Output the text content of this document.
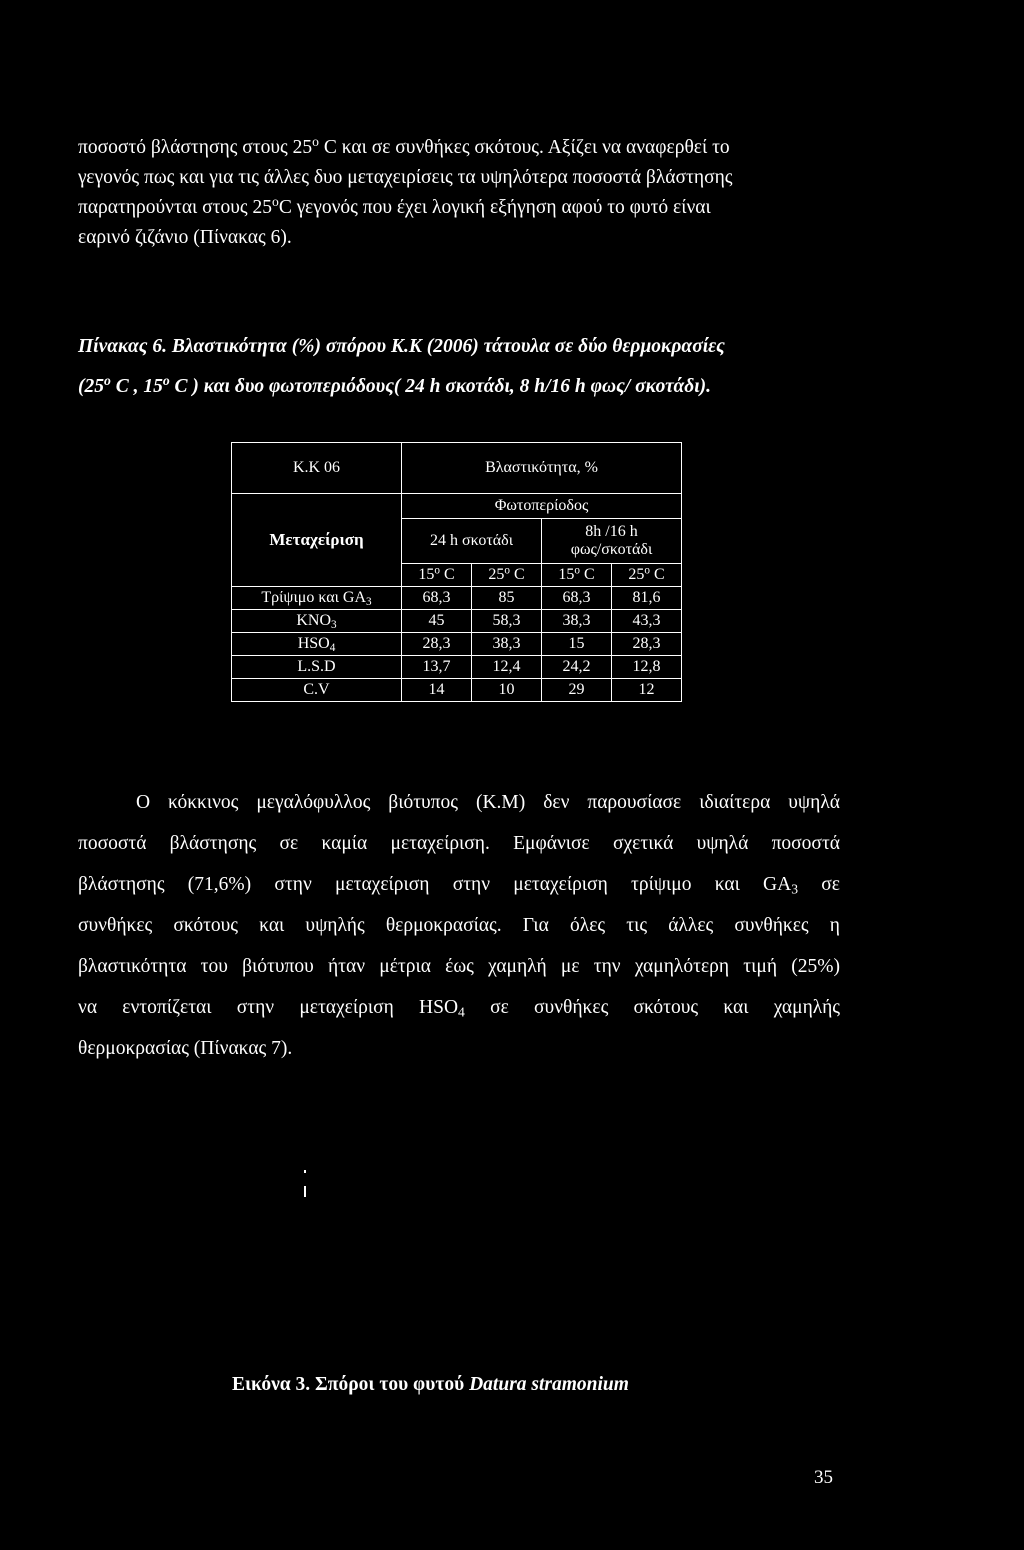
ποσοστό βλάστησης στους $25^o$ C και σε συνθήκες σκότους. Αξίζει να αναφερθεί το
γεγονός πως και για τις άλλες δυο μεταχειρίσεις τα υψηλότερα ποσοστά βλάστησης
παρατηρούνται στους $25^oC$ γεγονός που έχει λογική εξήγηση αφού το φυτό είναι
εαρινό ζιζάνιο (Πίνακας 6).
Πίνακας 6. Βλαστικότητα (%) σπόρου Κ.Κ (2006) τάτουλα σε δύο θερμοκρασίες
(25$^o$ C , 15$^o$ C ) και δυο φωτοπεριόδους( 24 h σκοτάδι, 8 h/16 h φως/ σκοτάδι).
Κ.Κ 06	Βλαστικότητα, %			
Μεταχείριση	Φωτοπερίοδος			
	24 h σκοτάδι		8h /16 h
φως/σκοτάδι	
	15$^o$ C	25$^o$ C	15$^o$ C	25$^o$ C
Τρίψιμο και $GA_3$	68,3	85	68,3	81,6
$KNO_3$	45	58,3	38,3	43,3
$HSO_4$	28,3	38,3	15	28,3
L.S.D	13,7	12,4	24,2	12,8
C.V	14	10	29	12
Ο κόκκινος μεγαλόφυλλος βιότυπος (Κ.Μ) δεν παρουσίασε ιδιαίτερα υψηλά
ποσοστά βλάστησης σε καμία μεταχείριση. Εμφάνισε σχετικά υψηλά ποσοστά
βλάστησης (71,6%) στην μεταχείριση στην μεταχείριση τρίψιμο και $GA_3$ σε
συνθήκες σκότους και υψηλής θερμοκρασίας. Για όλες τις άλλες συνθήκες η
βλαστικότητα του βιότυπου ήταν μέτρια έως χαμηλή με την χαμηλότερη τιμή (25%)
να εντοπίζεται στην μεταχείριση $HSO_4$ σε συνθήκες σκότους και χαμηλής
θερμοκρασίας (Πίνακας 7).

Εικόνα 3. Σπόροι του φυτού Datura stramonium

35
